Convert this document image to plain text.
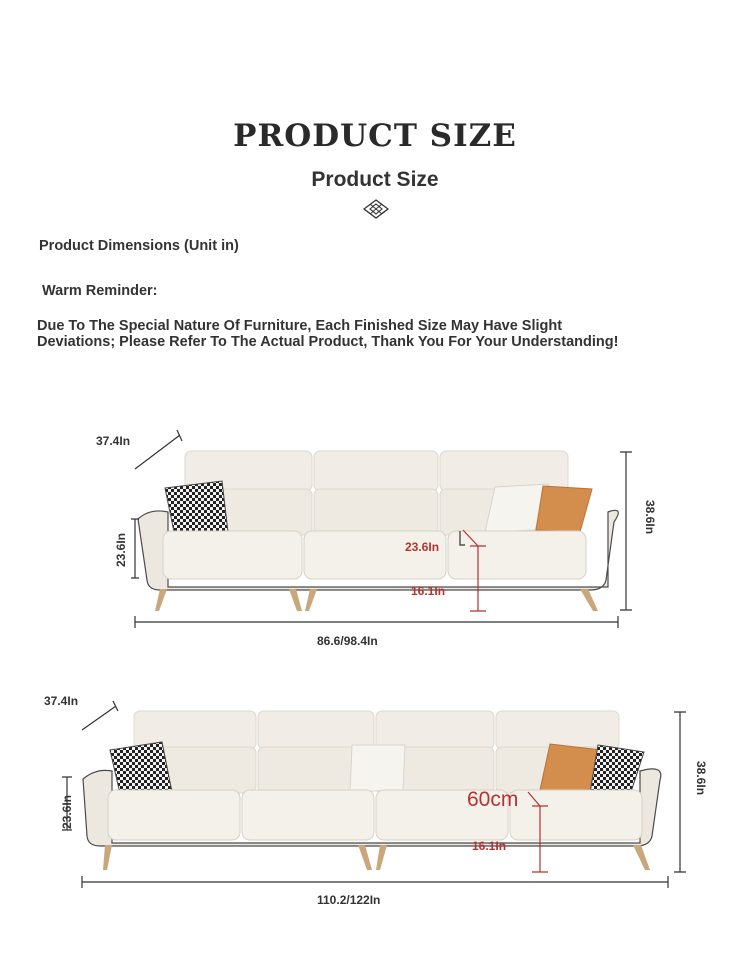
PRODUCT SIZE
Product Size
Product Dimensions (Unit in)
Warm Reminder:
Due To The Special Nature Of Furniture, Each Finished Size May Have Slight
Deviations; Please Refer To The Actual Product, Thank You For Your Understanding!
37.4In
23.6In
38.6In
23.6In
16.1In
86.6/98.4In
37.4In
23.6In
38.6In
60cm
16.1In
110.2/122In
